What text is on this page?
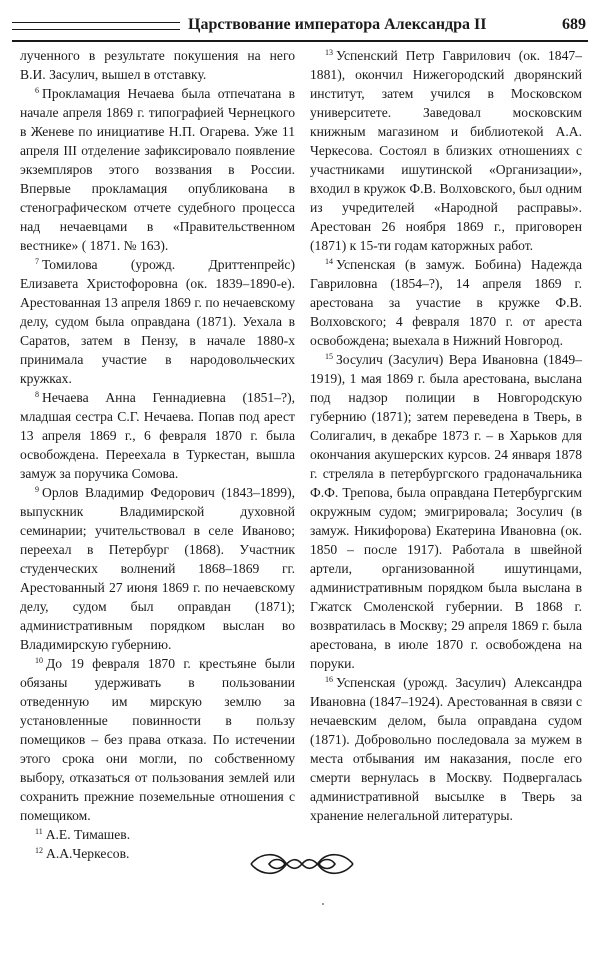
Царствование императора Александра II	689

лученного в результате покушения на него В.И. Засулич, вышел в отставку.

$^6$ Прокламация Нечаева была отпечатана в начале апреля 1869 г. типографией Чернецкого в Женеве по инициативе Н.П. Огарева. Уже 11 апреля III отделение зафиксировало появление экземпляров этого воззвания в России. Впервые прокламация опубликована в стенографическом отчете судебного процесса над нечаевцами в «Правительственном вестнике» ( 1871. № 163).

$^7$ Томилова (урожд. Дриттенпрейс) Елизавета Христофоровна (ок. 1839–1890-е). Арестованная 13 апреля 1869 г. по нечаевскому делу, судом была оправдана (1871). Уехала в Саратов, затем в Пензу, в начале 1880-х принимала участие в народовольческих кружках.

$^8$ Нечаева Анна Геннадиевна (1851–?), младшая сестра С.Г. Нечаева. Попав под арест 13 апреля 1869 г., 6 февраля 1870 г. была освобождена. Переехала в Туркестан, вышла замуж за поручика Сомова.

$^9$ Орлов Владимир Федорович (1843–1899), выпускник Владимирской духовной семинарии; учительствовал в селе Иваново; переехал в Петербург (1868). Участник студенческих волнений 1868–1869 гг. Арестованный 27 июня 1869 г. по нечаевскому делу, судом был оправдан (1871); административным порядком выслан во Владимирскую губернию.

$^{10}$ До 19 февраля 1870 г. крестьяне были обязаны удерживать в пользовании отведенную им мирскую землю за установленные повинности в пользу помещиков – без права отказа. По истечении этого срока они могли, по собственному выбору, отказаться от пользования землей или сохранить прежние поземельные отношения с помещиком.

$^{11}$ А.Е. Тимашев.

$^{12}$ А.А.Черкесов.

$^{13}$ Успенский Петр Гаврилович (ок. 1847–1881), окончил Нижегородский дворянский институт, затем учился в Московском университете. Заведовал московским книжным магазином и библиотекой А.А. Черкесова. Состоял в близких отношениях с участниками ишутинской «Организации», входил в кружок Ф.В. Волховского, был одним из учредителей «Народной расправы». Арестован 26 ноября 1869 г., приговорен (1871) к 15-ти годам каторжных работ.

$^{14}$ Успенская (в замуж. Бобина) Надежда Гавриловна (1854–?), 14 апреля 1869 г. арестована за участие в кружке Ф.В. Волховского; 4 февраля 1870 г. от ареста освобождена; выехала в Нижний Новгород.

$^{15}$ Зосулич (Засулич) Вера Ивановна (1849–1919), 1 мая 1869 г. была арестована, выслана под надзор полиции в Новгородскую губернию (1871); затем переведена в Тверь, в Солигалич, в декабре 1873 г. – в Харьков для окончания акушерских курсов. 24 января 1878 г. стреляла в петербургского градоначальника Ф.Ф. Трепова, была оправдана Петербургским окружным судом; эмигрировала; Зосулич (в замуж. Никифорова) Екатерина Ивановна (ок. 1850 – после 1917). Работала в швейной артели, организованной ишутинцами, административным порядком была выслана в Гжатск Смоленской губернии. В 1868 г. возвратилась в Москву; 29 апреля 1869 г. была арестована, в июле 1870 г. освобождена на поруки.

$^{16}$ Успенская (урожд. Засулич) Александра Ивановна (1847–1924). Арестованная в связи с нечаевским делом, была оправдана судом (1871). Добровольно последовала за мужем в места отбывания им наказания, после его смерти вернулась в Москву. Подвергалась административной высылке в Тверь за хранение нелегальной литературы.
